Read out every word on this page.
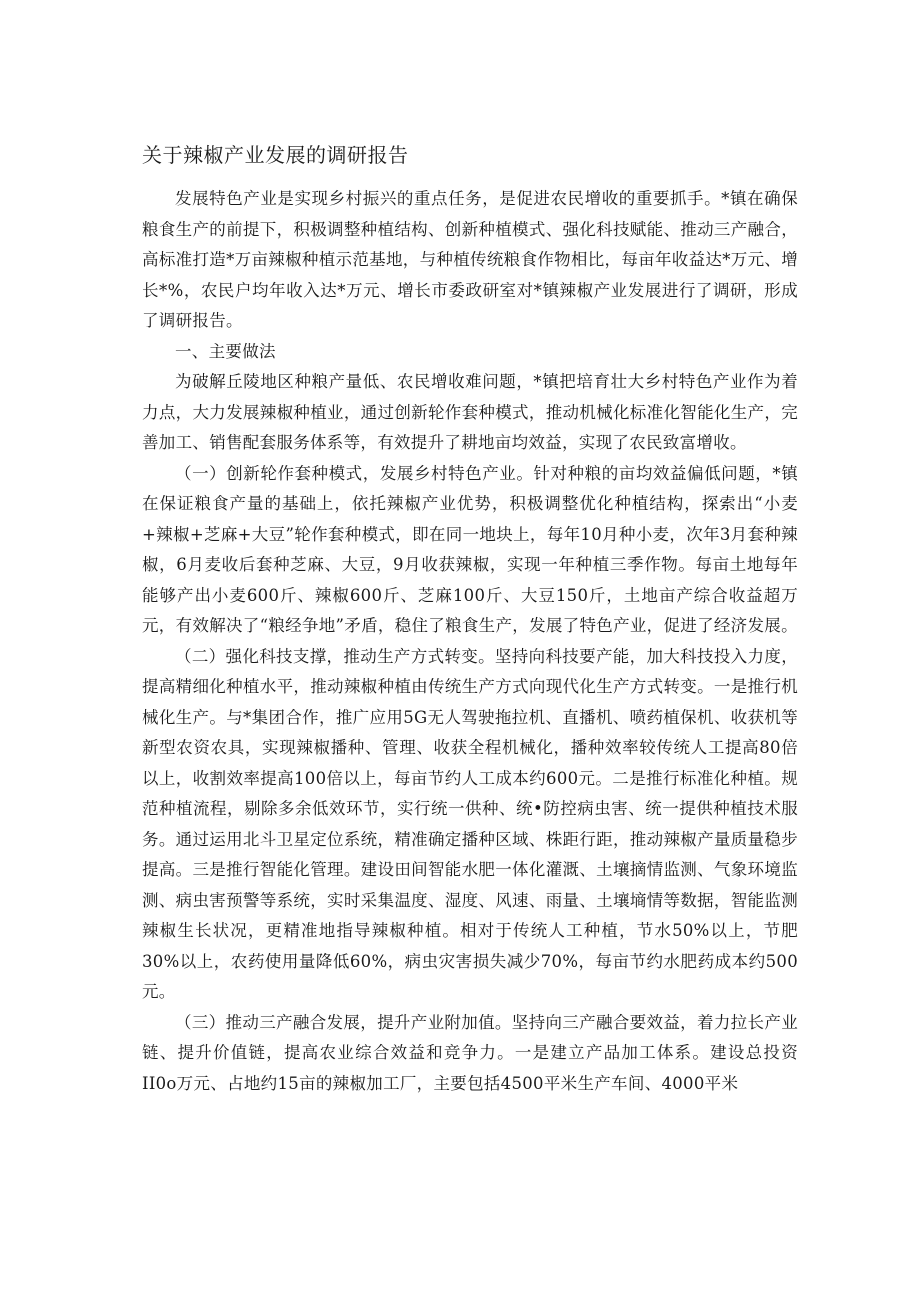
关于辣椒产业发展的调研报告

发展特色产业是实现乡村振兴的重点任务，是促进农民增收的重要抓手。*镇在确保粮食生产的前提下，积极调整种植结构、创新种植模式、强化科技赋能、推动三产融合，高标准打造*万亩辣椒种植示范基地，与种植传统粮食作物相比，每亩年收益达*万元、增长*%，农民户均年收入达*万元、增长市委政研室对*镇辣椒产业发展进行了调研，形成了调研报告。

一、主要做法

为破解丘陵地区种粮产量低、农民增收难问题，*镇把培育壮大乡村特色产业作为着力点，大力发展辣椒种植业，通过创新轮作套种模式，推动机械化标准化智能化生产，完善加工、销售配套服务体系等，有效提升了耕地亩均效益，实现了农民致富增收。

（一）创新轮作套种模式，发展乡村特色产业。针对种粮的亩均效益偏低问题，*镇在保证粮食产量的基础上，依托辣椒产业优势，积极调整优化种植结构，探索出“小麦+辣椒+芝麻+大豆”轮作套种模式，即在同一地块上，每年10月种小麦，次年3月套种辣椒，6月麦收后套种芝麻、大豆，9月收获辣椒，实现一年种植三季作物。每亩土地每年能够产出小麦600斤、辣椒600斤、芝麻100斤、大豆150斤，土地亩产综合收益超万元，有效解决了“粮经争地”矛盾，稳住了粮食生产，发展了特色产业，促进了经济发展。

（二）强化科技支撑，推动生产方式转变。坚持向科技要产能，加大科技投入力度，提高精细化种植水平，推动辣椒种植由传统生产方式向现代化生产方式转变。一是推行机械化生产。与*集团合作，推广应用5G无人驾驶拖拉机、直播机、喷药植保机、收获机等新型农资农具，实现辣椒播种、管理、收获全程机械化，播种效率较传统人工提高80倍以上，收割效率提高100倍以上，每亩节约人工成本约600元。二是推行标准化种植。规范种植流程，剔除多余低效环节，实行统一供种、统•防控病虫害、统一提供种植技术服务。通过运用北斗卫星定位系统，精准确定播种区域、株距行距，推动辣椒产量质量稳步提高。三是推行智能化管理。建设田间智能水肥一体化灌溉、土壤摘情监测、气象环境监测、病虫害预警等系统，实时采集温度、湿度、风速、雨量、土壤墒情等数据，智能监测辣椒生长状况，更精准地指导辣椒种植。相对于传统人工种植，节水50%以上，节肥30%以上，农药使用量降低60%，病虫灾害损失减少70%，每亩节约水肥药成本约500元。

（三）推动三产融合发展，提升产业附加值。坚持向三产融合要效益，着力拉长产业链、提升价值链，提高农业综合效益和竞争力。一是建立产品加工体系。建设总投资II0o万元、占地约15亩的辣椒加工厂，主要包括4500平米生产车间、4000平米
